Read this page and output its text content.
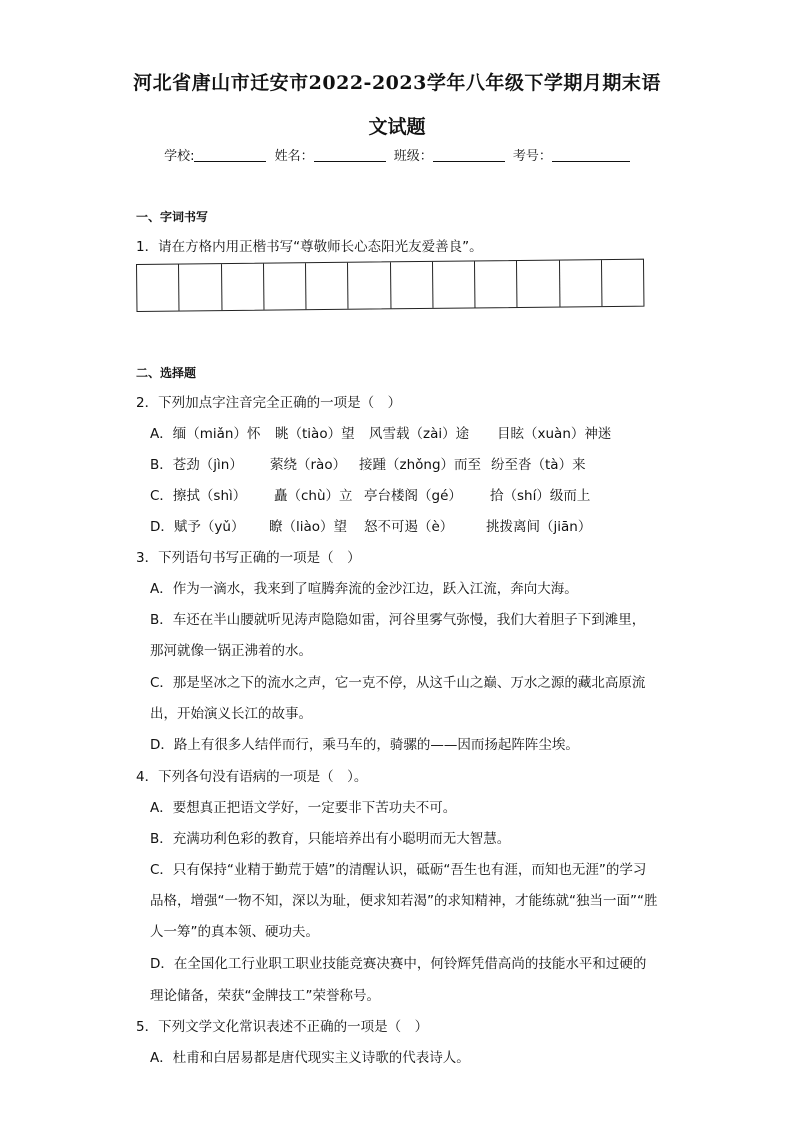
河北省唐山市迁安市2022-2023学年八年级下学期月期末语
文试题
学校:	姓名：	班级：	考号：
一、字词书写
1．请在方格内用正楷书写“尊敬师长心态阳光友爱善良”。
二、选择题
2．下列加点字注音完全正确的一项是（　）
A．缅（miǎn）怀 眺（tiào）望 风雪载（zài）途 目眩（xuàn）神迷
B．苍劲（jìn） 萦绕（rào） 接踵（zhǒng）而至 纷至沓（tà）来
C．擦拭（shì） 矗（chù）立 亭台楼阁（gé） 拾（shí）级而上
D．赋予（yǔ） 瞭（liào）望 怒不可遏（è） 挑拨离间（jiān）
3．下列语句书写正确的一项是（　）
A．作为一滴水，我来到了喧腾奔流的金沙江边，跃入江流，奔向大海。
B．车还在半山腰就听见涛声隐隐如雷，河谷里雾气弥慢，我们大着胆子下到滩里，
那河就像一锅正沸着的水。
C．那是坚冰之下的流水之声，它一克不停，从这千山之巅、万水之源的藏北高原流
出，开始演义长江的故事。
D．路上有很多人结伴而行，乘马车的，骑骡的——因而扬起阵阵尘埃。
4．下列各句没有语病的一项是（　）。
A．要想真正把语文学好，一定要非下苦功夫不可。
B．充满功利色彩的教育，只能培养出有小聪明而无大智慧。
C．只有保持“业精于勤荒于嬉”的清醒认识，砥砺“吾生也有涯，而知也无涯”的学习
品格，增强“一物不知，深以为耻，便求知若渴”的求知精神，才能练就“独当一面”“胜
人一筹”的真本领、硬功夫。
D．在全国化工行业职工职业技能竞赛决赛中，何铃辉凭借高尚的技能水平和过硬的
理论储备，荣获“金牌技工”荣誉称号。
5．下列文学文化常识表述不正确的一项是（　）
A．杜甫和白居易都是唐代现实主义诗歌的代表诗人。
